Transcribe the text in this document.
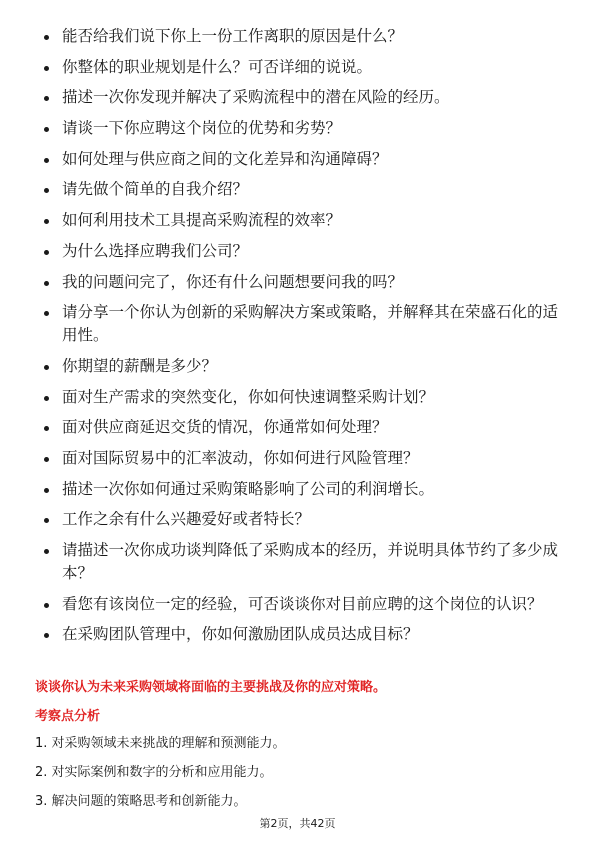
能否给我们说下你上一份工作离职的原因是什么？
你整体的职业规划是什么？可否详细的说说。
描述一次你发现并解决了采购流程中的潜在风险的经历。
请谈一下你应聘这个岗位的优势和劣势？
如何处理与供应商之间的文化差异和沟通障碍？
请先做个简单的自我介绍？
如何利用技术工具提高采购流程的效率？
为什么选择应聘我们公司？
我的问题问完了，你还有什么问题想要问我的吗？
请分享一个你认为创新的采购解决方案或策略，并解释其在荣盛石化的适用性。
你期望的薪酬是多少？
面对生产需求的突然变化，你如何快速调整采购计划？
面对供应商延迟交货的情况，你通常如何处理？
面对国际贸易中的汇率波动，你如何进行风险管理？
描述一次你如何通过采购策略影响了公司的利润增长。
工作之余有什么兴趣爱好或者特长？
请描述一次你成功谈判降低了采购成本的经历，并说明具体节约了多少成本？
看您有该岗位一定的经验，可否谈谈你对目前应聘的这个岗位的认识？
在采购团队管理中，你如何激励团队成员达成目标？
谈谈你认为未来采购领域将面临的主要挑战及你的应对策略。
考察点分析
1. 对采购领域未来挑战的理解和预测能力。
2. 对实际案例和数字的分析和应用能力。
3. 解决问题的策略思考和创新能力。
第2页，共42页
